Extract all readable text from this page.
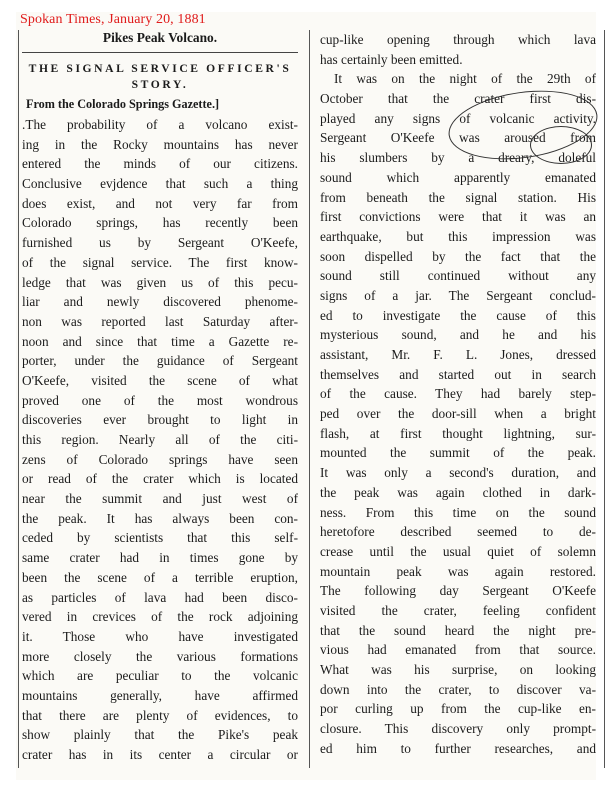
Spokan Times, January 20, 1881
Pikes Peak Volcano.
THE SIGNAL SERVICE OFFICER'S
STORY.
From the Colorado Springs Gazette.]
.The probability of a volcano exist-
ing in the Rocky mountains has never
entered the minds of our citizens.
Conclusive evjdence that such a thing
does exist, and not very far from
Colorado springs, has recently been
furnished us by Sergeant O'Keefe,
of the signal service. The first know-
ledge that was given us of this pecu-
liar and newly discovered phenome-
non was reported last Saturday after-
noon and since that time a Gazette re-
porter, under the guidance of Sergeant
O'Keefe, visited the scene of what
proved one of the most wondrous
discoveries ever brought to light in
this region. Nearly all of the citi-
zens of Colorado springs have seen
or read of the crater which is located
near the summit and just west of
the peak. It has always been con-
ceded by scientists that this self-
same crater had in times gone by
been the scene of a terrible eruption,
as particles of lava had been disco-
vered in crevices of the rock adjoining
it. Those who have investigated
more closely the various formations
which are peculiar to the volcanic
mountains generally, have affirmed
that there are plenty of evidences, to
show plainly that the Pike's peak
crater has in its center a circular or
cup-like opening through which lava
has certainly been emitted.
It was on the night of the 29th of
October that the crater first dis-
played any signs of volcanic activity.
Sergeant O'Keefe was aroused from
his slumbers by a dreary, doleful
sound which apparently emanated
from beneath the signal station. His
first convictions were that it was an
earthquake, but this impression was
soon dispelled by the fact that the
sound still continued without any
signs of a jar. The Sergeant conclud-
ed to investigate the cause of this
mysterious sound, and he and his
assistant, Mr. F. L. Jones, dressed
themselves and started out in search
of the cause. They had barely step-
ped over the door-sill when a bright
flash, at first thought lightning, sur-
mounted the summit of the peak.
It was only a second's duration, and
the peak was again clothed in dark-
ness. From this time on the sound
heretofore described seemed to de-
crease until the usual quiet of solemn
mountain peak was again restored.
The following day Sergeant O'Keefe
visited the crater, feeling confident
that the sound heard the night pre-
vious had emanated from that source.
What was his surprise, on looking
down into the crater, to discover va-
por curling up from the cup-like en-
closure. This discovery only prompt-
ed him to further researches, and
